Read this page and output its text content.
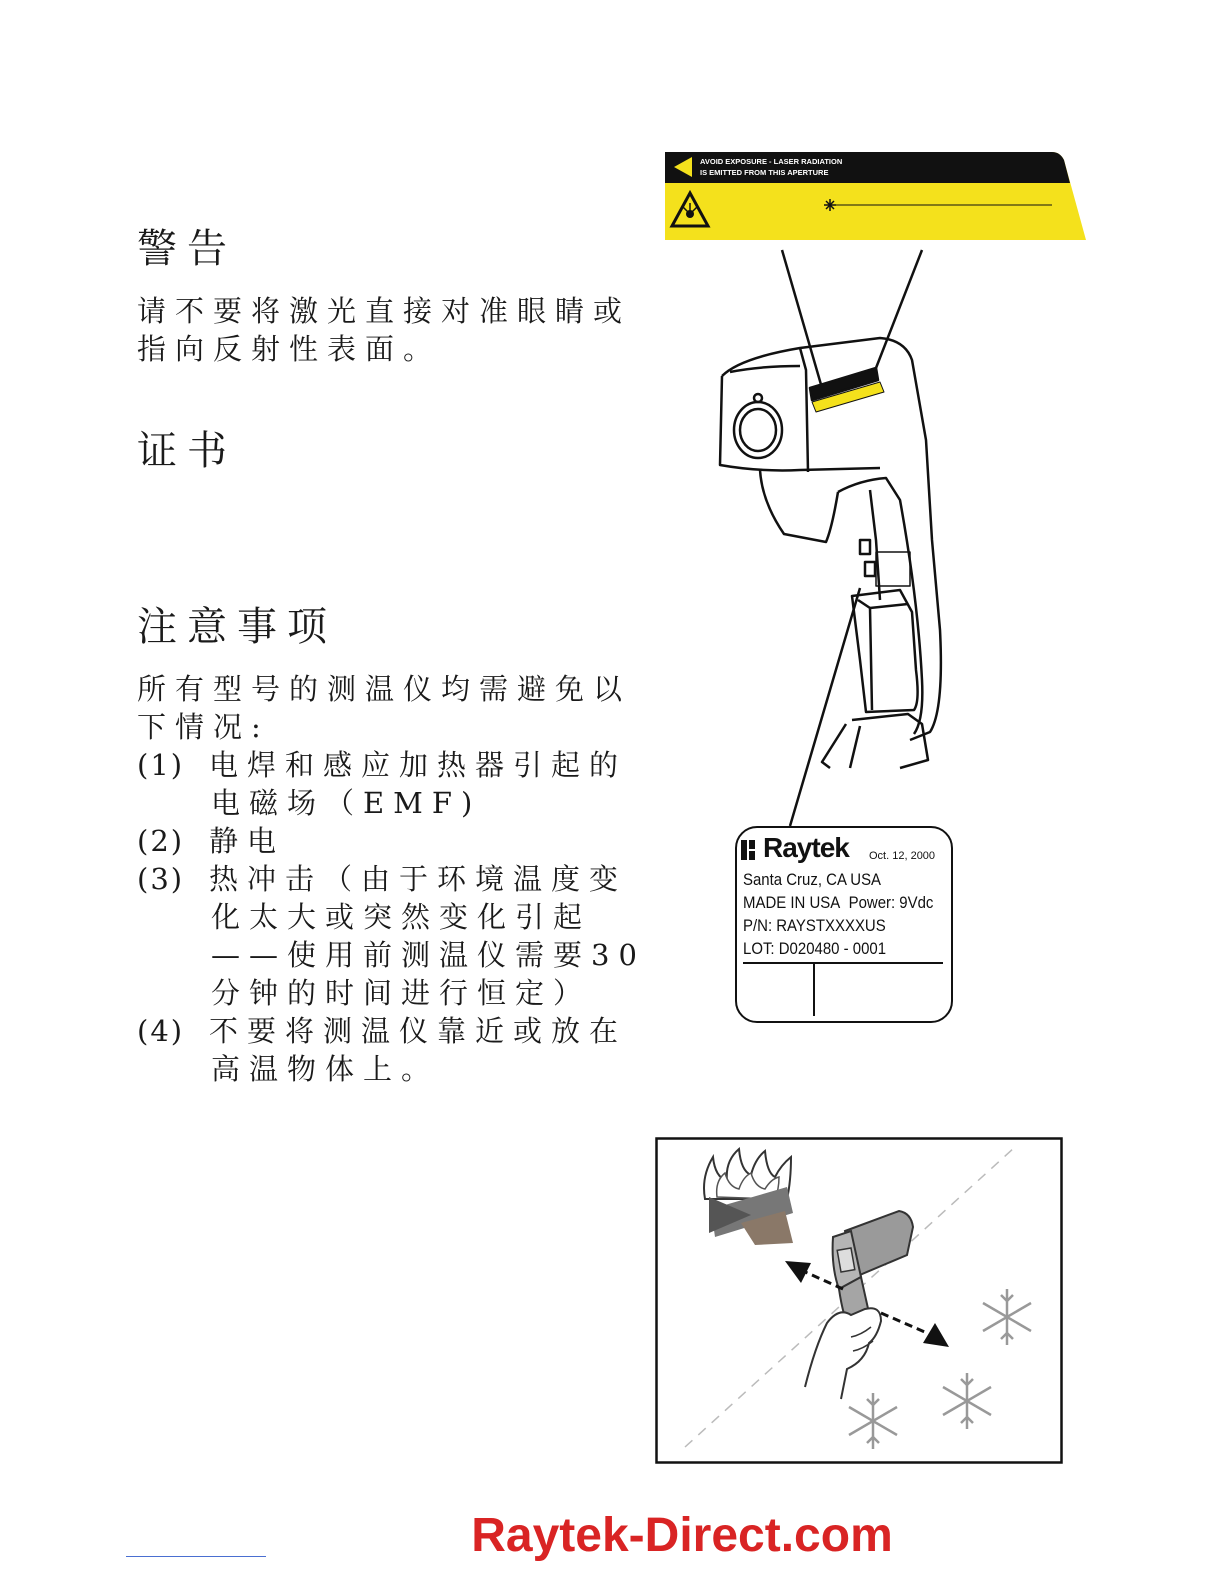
警告
请不要将激光直接对准眼睛或
指向反射性表面。
证书
注意事项
所有型号的测温仪均需避免以
下情况:
(1) 电焊和感应加热器引起的
电磁场（EMF)
(2) 静电
(3) 热冲击（由于环境温度变
化太大或突然变化引起
——使用前测温仪需要30
分钟的时间进行恒定）
(4) 不要将测温仪靠近或放在
高温物体上。
AVOID EXPOSURE - LASER RADIATION
IS EMITTED FROM THIS APERTURE
Raytek Oct. 12, 2000
Santa Cruz, CA USA
MADE IN USA Power: 9Vdc
P/N: RAYSTXXXXUS
LOT: D020480 - 0001
Raytek-Direct.com
